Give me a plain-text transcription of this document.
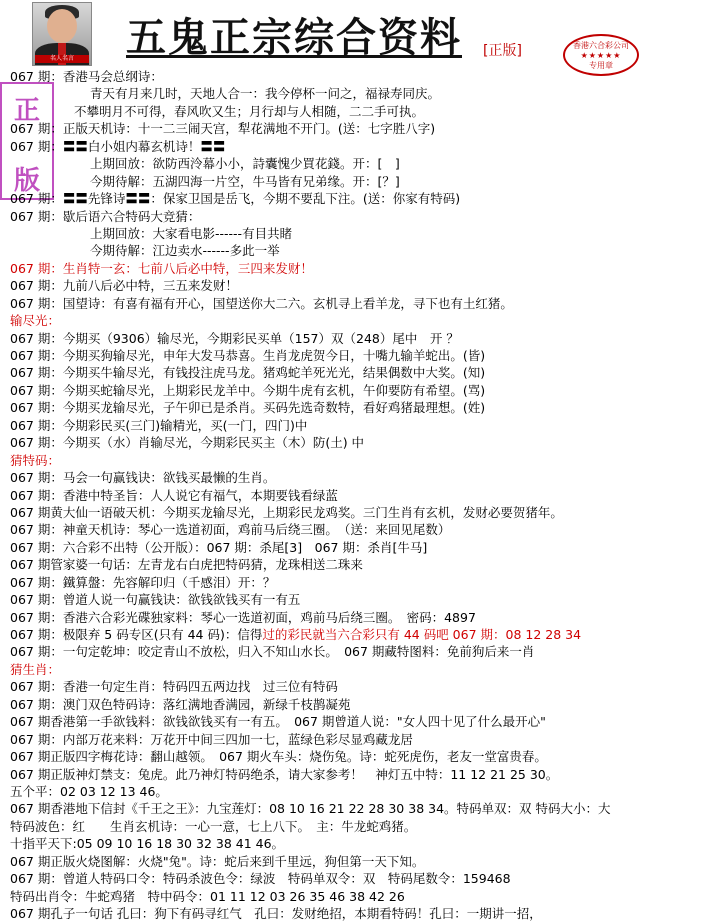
名人名言	五鬼正宗综合资料 [正版]	香港六合彩公司
★★★★★
专用章
正
版
067 期：香港马会总纲诗：
青天有月来几时，天地人合一：我今停杯一问之，福禄寿同庆。
不攀明月不可得，春风吹又生；月行却与人相随，二二手可执。
067 期：正版天机诗：十一二三闹天宫，犁花满地不开门。(送：七字胜八字)
067 期：〓〓白小姐内幕玄机诗！〓〓
上期回放：欲防西泠幕小小，詩囊愧少買花錢。开：[　]
今期待解：五湖四海一片空，牛马皆有兄弟缘。开：[？]
067 期：〓〓先锋诗〓〓：保家卫国是岳飞，今期不要乱下注。(送：你家有特码)
067 期：歇后语六合特码大竞猜：
上期回放：大家看电影------有目共睹
今期待解：江边卖水------多此一举
067 期：生肖特一玄：七前八后必中特，三四来发财！
067 期：九前八后必中特，三五来发财！
067 期：国望诗：有喜有福有开心，国望送你大二六。玄机寻上看羊龙，寻下也有土红猪。
输尽光：
067 期：今期买（9306）输尽光，今期彩民买单（157）双（248）尾中　开 ？
067 期：今期买狗输尽光，申年大发马恭喜。生肖龙虎贺今日，十嘴九输羊蛇出。(皆)
067 期：今期买牛输尽光，有钱投注虎马龙。猪鸡蛇羊死光光，结果偶数中大奖。(知)
067 期：今期买蛇输尽光，上期彩民龙羊中。今期牛虎有玄机，午仰要防有希望。(骂)
067 期：今期买龙输尽光，子午卯已是杀肖。买码先选奇数特，看好鸡猪最理想。(姓)
067 期：今期彩民买(三门)输精光，买(一门，四门)中
067 期：今期买（水）肖输尽光，今期彩民买主（木）防(土) 中
猜特码：
067 期：马会一句赢钱诀：欲钱买最懒的生肖。
067 期：香港中特圣旨：人人说它有福气，本期要钱看绿蓝
067 期黄大仙一语破天机：今期买龙输尽光，上期彩民龙鸡奖。三门生肖有玄机，发财必要贺猪年。
067 期：神童天机诗：琴心一选道初面，鸡前马后绕三圈。　（送：来回见尾数）
067 期：六合彩不出特（公开版）：067 期：杀尾[3]　067 期：杀肖[牛马]
067 期管家婆一句话：左青龙右白虎把特码猜，龙珠相送二珠来
067 期：鐵算盤：先容解印归（千感泪）开：？
067 期：曾道人说一句赢钱诀：欲钱欲钱买有一有五
067 期：香港六合彩光碟独家料：琴心一选道初面，鸡前马后绕三圈。　密码：4897
067 期：极限弃 5 码专区(只有 44 码)：信得过的彩民就当六合彩只有 44 码吧 067 期：08 12 28 34
067 期：一句定乾坤：咬定青山不放松，归入不知山水长。　067 期藏特图料：免前狗后来一肖
猜生肖：
067 期：香港一句定生肖：特码四五两边找　过三位有特码
067 期：澳门双色特码诗：落红满地香满园，新绿千枝鹊凝苑
067 期香港第一手欲钱料：欲钱欲钱买有一有五。　067 期曾道人说："女人四十见了什么最开心"
067 期：内部万花来料：万花开中间三四加一七，蓝绿色彩尽显鸡藏龙居
067 期正版四字梅花诗：翻山越领。　067 期火车头：烧伤兔。诗：蛇死虎伤，老友一堂富贵春。
067 期正版神灯禁支：兔虎。此乃神灯特码绝杀，请大家参考！　神灯五中特：11 12 21 25 30。
五个平：02 03 12 13 46。
067 期香港地下信封《千王之王》：九宝莲灯：08 10 16 21 22 28 30 38 34。特码单双：双 特码大小：大
特码波色：红　　生肖玄机诗：一心一意，七上八下。　主：牛龙蛇鸡猪。
十指平天下:05 09 10 16 18 30 32 38 41 46。
067 期正版火烧图解：火烧"兔"。诗：蛇后来到千里远，狗但第一天下知。
067 期：曾道人特码口令：特码杀波色令：绿波　特码单双令：双　特码尾数令：159468
特码出肖令：牛蛇鸡猪　特中码令：01 11 12 03 26 35 46 38 42 26
067 期孔子一句话 孔曰：狗下有码寻红气　孔曰：发财绝招，本期看特码！孔曰：一期讲一招，
